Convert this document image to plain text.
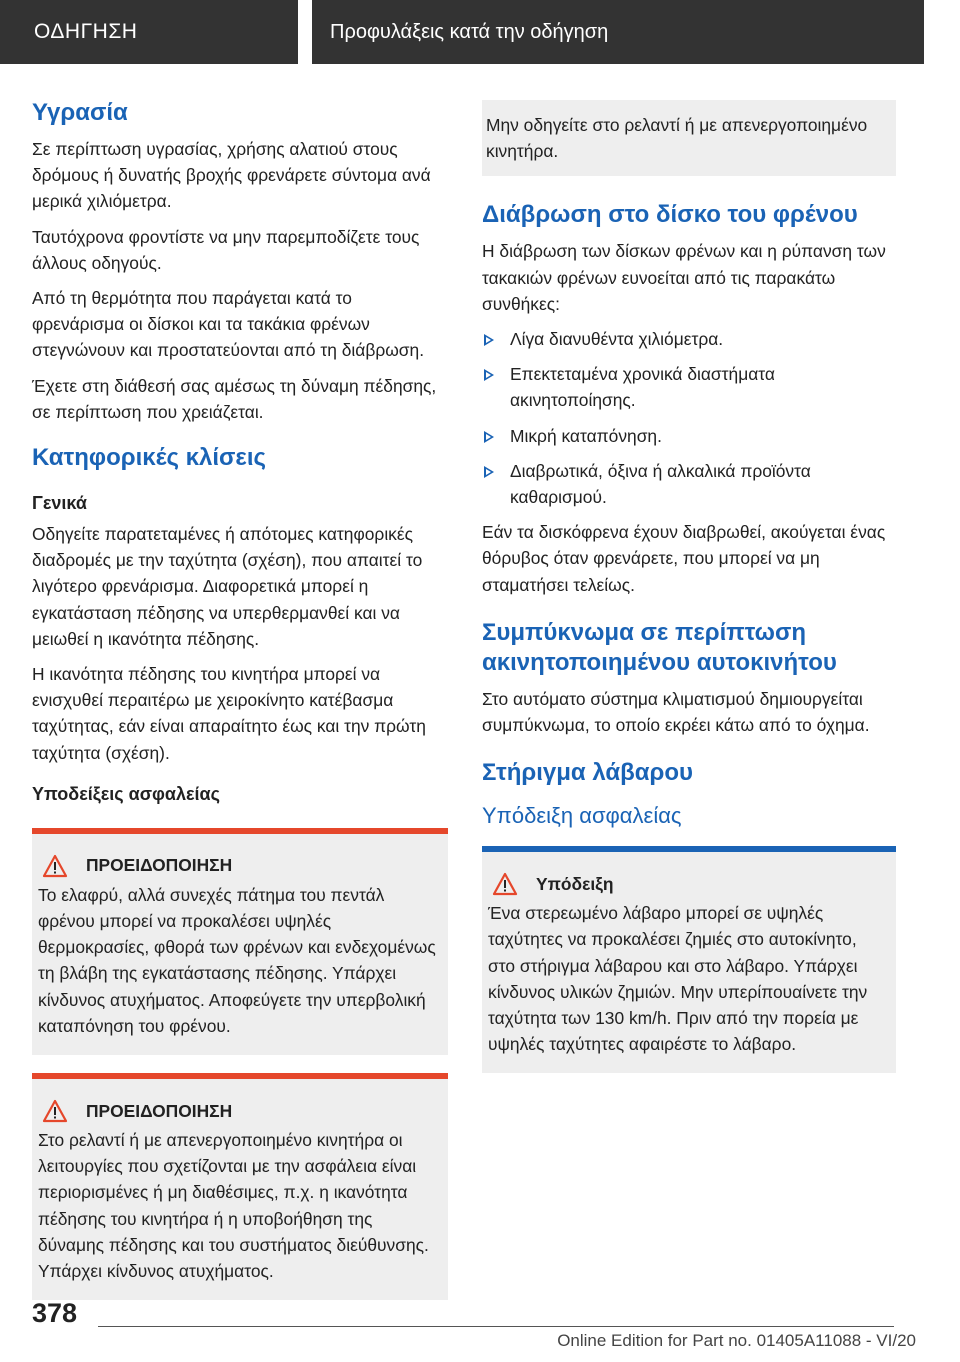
ΟΔΗΓΗΣΗ	Προφυλάξεις κατά την οδήγηση
Υγρασία

Σε περίπτωση υγρασίας, χρήσης αλατιού στους δρόμους ή δυνατής βροχής φρενάρετε σύντομα ανά μερικά χιλιόμετρα.

Ταυτόχρονα φροντίστε να μην παρεμποδίζετε τους άλλους οδηγούς.

Από τη θερμότητα που παράγεται κατά το φρενάρισμα οι δίσκοι και τα τακάκια φρένων στεγνώνουν και προστατεύονται από τη διάβρωση.

Έχετε στη διάθεσή σας αμέσως τη δύναμη πέδησης, σε περίπτωση που χρειάζεται.

Κατηφορικές κλίσεις
Γενικά

Οδηγείτε παρατεταμένες ή απότομες κατηφορικές διαδρομές με την ταχύτητα (σχέση), που απαιτεί το λιγότερο φρενάρισμα. Διαφορετικά μπορεί η εγκατάσταση πέδησης να υπερθερμανθεί και να μειωθεί η ικανότητα πέδησης.

Η ικανότητα πέδησης του κινητήρα μπορεί να ενισχυθεί περαιτέρω με χειροκίνητο κατέβασμα ταχύτητας, εάν είναι απαραίτητο έως και την πρώτη ταχύτητα (σχέση).

Υποδείξεις ασφαλείας
ΠΡΟΕΙΔΟΠΟΙΗΣΗ
Το ελαφρύ, αλλά συνεχές πάτημα του πεντάλ φρένου μπορεί να προκαλέσει υψηλές θερμοκρασίες, φθορά των φρένων και ενδεχομένως τη βλάβη της εγκατάστασης πέδησης. Υπάρχει κίνδυνος ατυχήματος. Αποφεύγετε την υπερβολική καταπόνηση του φρένου.
ΠΡΟΕΙΔΟΠΟΙΗΣΗ
Στο ρελαντί ή με απενεργοποιημένο κινητήρα οι λειτουργίες που σχετίζονται με την ασφάλεια είναι περιορισμένες ή μη διαθέσιμες, π.χ. η ικανότητα πέδησης του κινητήρα ή η υποβοήθηση της δύναμης πέδησης και του συστήματος διεύθυνσης. Υπάρχει κίνδυνος ατυχήματος.

Μην οδηγείτε στο ρελαντί ή με απενεργοποιημένο κινητήρα.

Διάβρωση στο δίσκο του φρένου

Η διάβρωση των δίσκων φρένων και η ρύπανση των τακακιών φρένων ευνοείται από τις παρακάτω συνθήκες:

Λίγα διανυθέντα χιλιόμετρα.
Επεκτεταμένα χρονικά διαστήματα ακινητοποίησης.
Μικρή καταπόνηση.
Διαβρωτικά, όξινα ή αλκαλικά προϊόντα καθαρισμού.

Εάν τα δισκόφρενα έχουν διαβρωθεί, ακούγεται ένας θόρυβος όταν φρενάρετε, που μπορεί να μη σταματήσει τελείως.

Συμπύκνωμα σε περίπτωση ακινητοποιημένου αυτοκινήτου

Στο αυτόματο σύστημα κλιματισμού δημιουργείται συμπύκνωμα, το οποίο εκρέει κάτω από το όχημα.

Στήριγμα λάβαρου
Υπόδειξη ασφαλείας
Υπόδειξη
Ένα στερεωμένο λάβαρο μπορεί σε υψηλές ταχύτητες να προκαλέσει ζημιές στο αυτοκίνητο, στο στήριγμα λάβαρου και στο λάβαρο. Υπάρχει κίνδυνος υλικών ζημιών. Μην υπερίπουαίνετε την ταχύτητα των 130 km/h. Πριν από την πορεία με υψηλές ταχύτητες αφαιρέστε το λάβαρο.
378
Online Edition for Part no. 01405A11088 - VI/20
